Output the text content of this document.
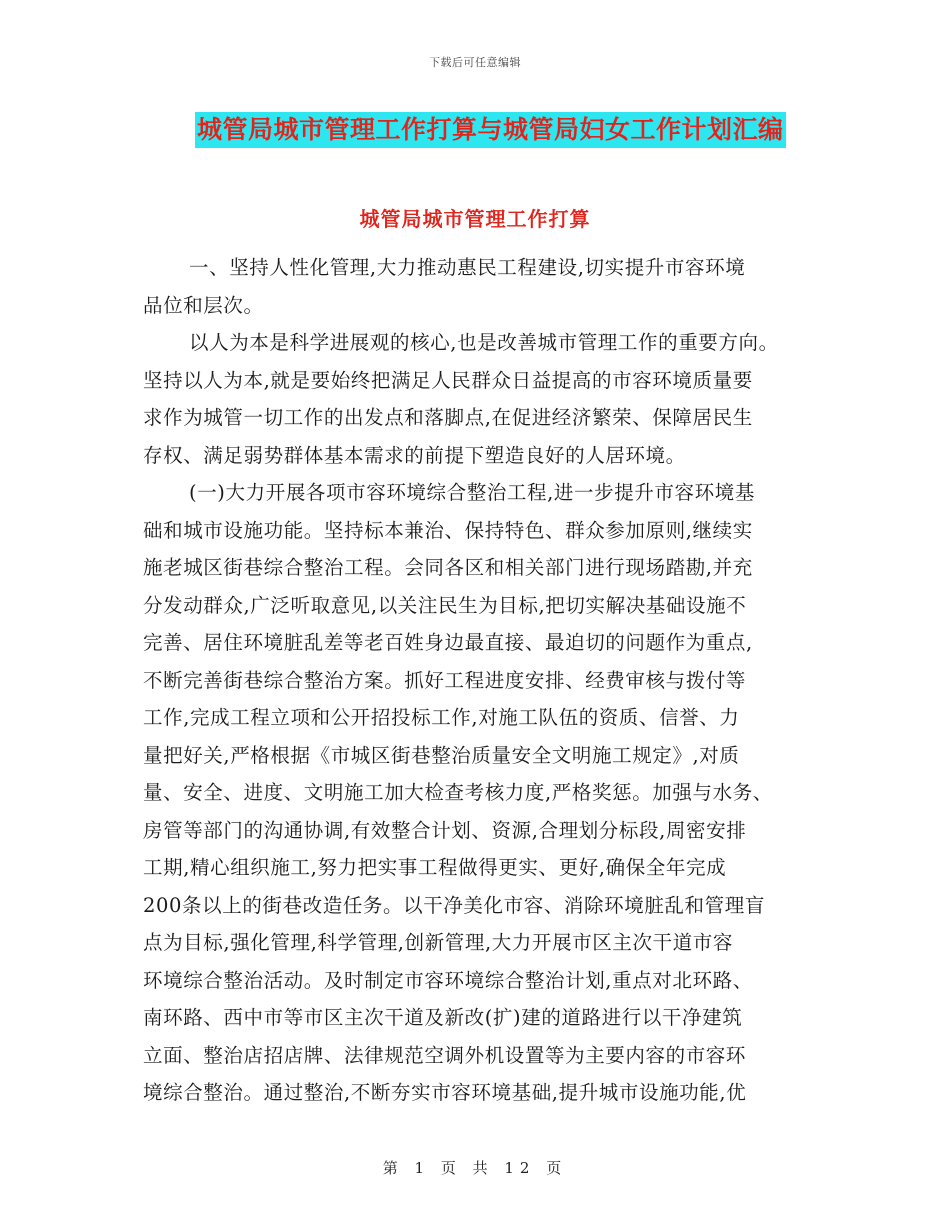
下载后可任意编辑
城管局城市管理工作打算与城管局妇女工作计划汇编
城管局城市管理工作打算
一、坚持人性化管理,大力推动惠民工程建设,切实提升市容环境
品位和层次。
以人为本是科学进展观的核心,也是改善城市管理工作的重要方向。
坚持以人为本,就是要始终把满足人民群众日益提高的市容环境质量要
求作为城管一切工作的出发点和落脚点,在促进经济繁荣、保障居民生
存权、满足弱势群体基本需求的前提下塑造良好的人居环境。
(一)大力开展各项市容环境综合整治工程,进一步提升市容环境基
础和城市设施功能。坚持标本兼治、保持特色、群众参加原则,继续实
施老城区街巷综合整治工程。会同各区和相关部门进行现场踏勘,并充
分发动群众,广泛听取意见,以关注民生为目标,把切实解决基础设施不
完善、居住环境脏乱差等老百姓身边最直接、最迫切的问题作为重点,
不断完善街巷综合整治方案。抓好工程进度安排、经费审核与拨付等
工作,完成工程立项和公开招投标工作,对施工队伍的资质、信誉、力
量把好关,严格根据《市城区街巷整治质量安全文明施工规定》,对质
量、安全、进度、文明施工加大检查考核力度,严格奖惩。加强与水务、
房管等部门的沟通协调,有效整合计划、资源,合理划分标段,周密安排
工期,精心组织施工,努力把实事工程做得更实、更好,确保全年完成
200条以上的街巷改造任务。以干净美化市容、消除环境脏乱和管理盲
点为目标,强化管理,科学管理,创新管理,大力开展市区主次干道市容
环境综合整治活动。及时制定市容环境综合整治计划,重点对北环路、
南环路、西中市等市区主次干道及新改(扩)建的道路进行以干净建筑
立面、整治店招店牌、法律规范空调外机设置等为主要内容的市容环
境综合整治。通过整治,不断夯实市容环境基础,提升城市设施功能,优
第 1 页 共 12 页
